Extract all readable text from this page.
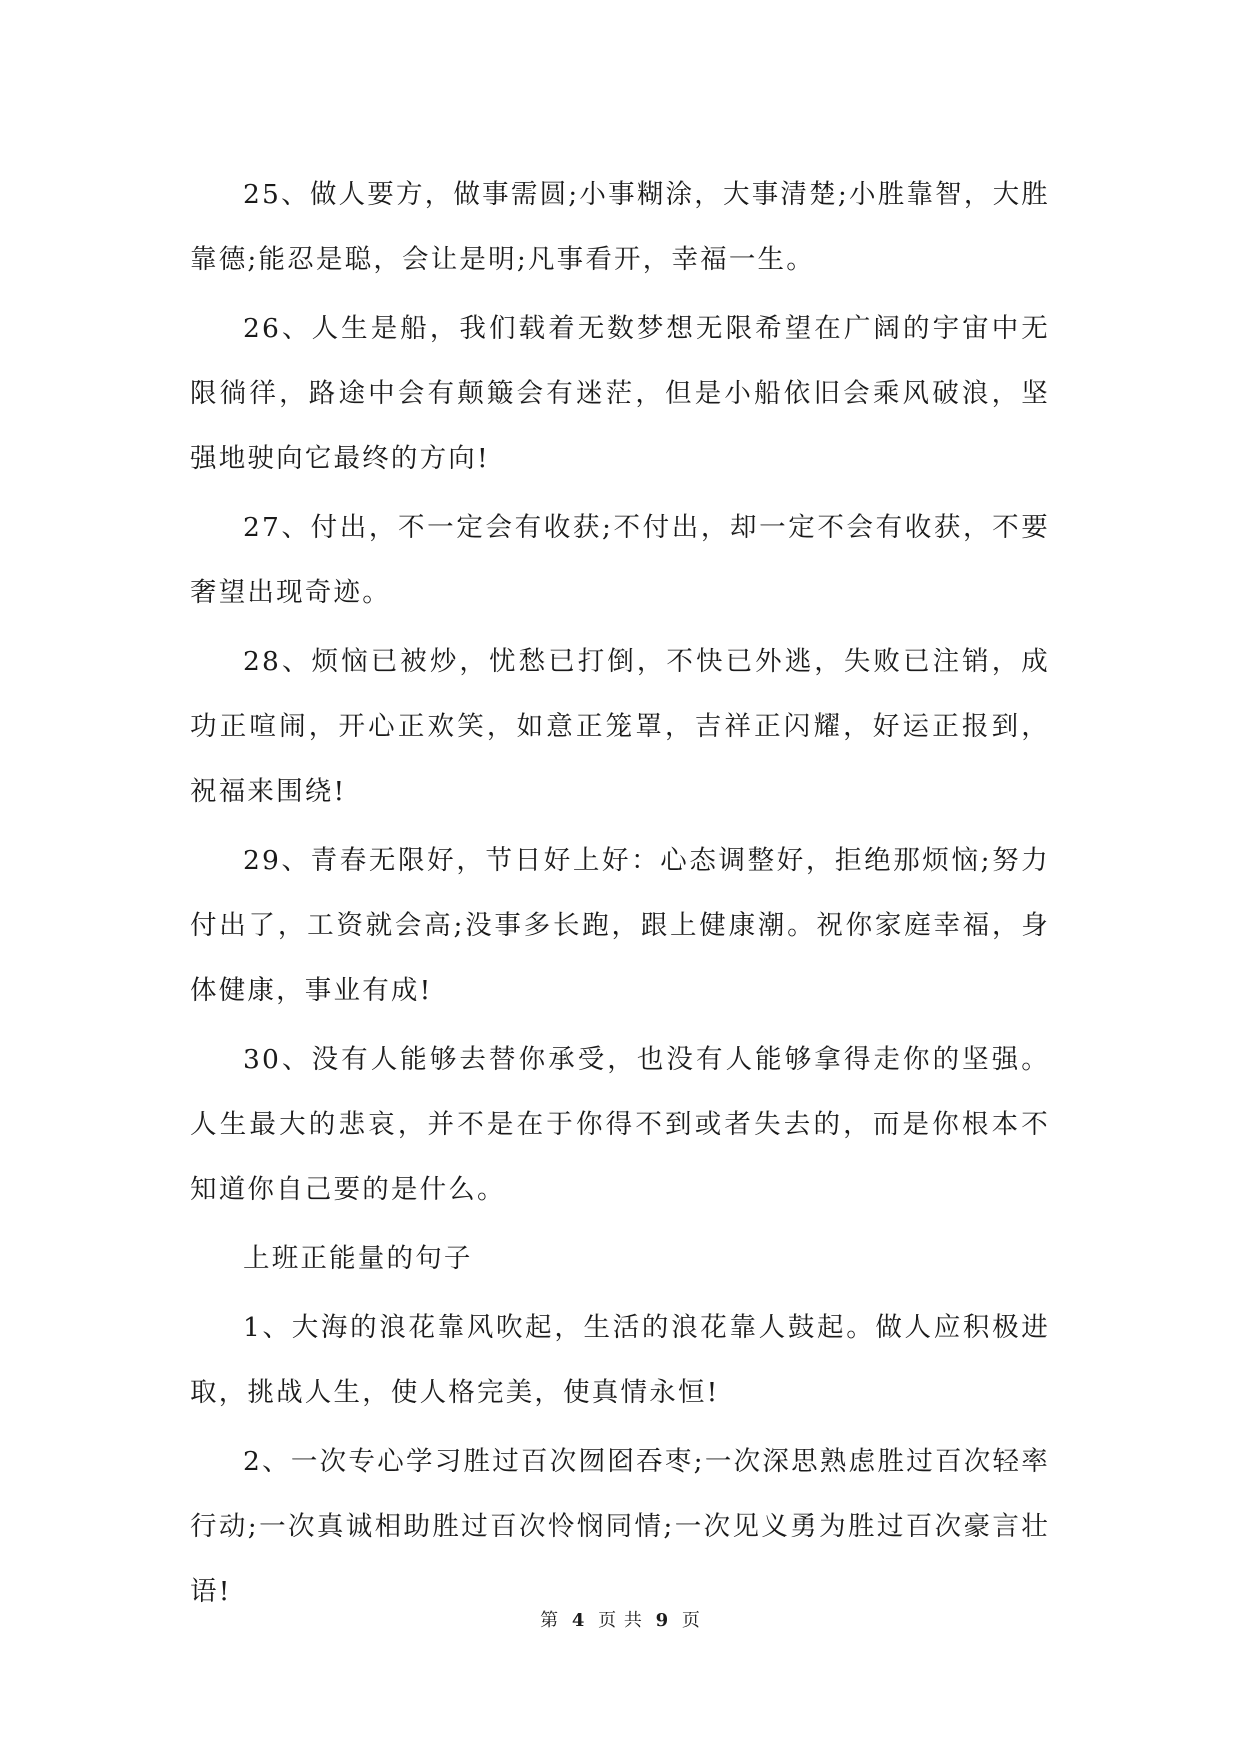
25、做人要方，做事需圆;小事糊涂，大事清楚;小胜靠智，大胜靠德;能忍是聪，会让是明;凡事看开，幸福一生。

26、人生是船，我们载着无数梦想无限希望在广阔的宇宙中无限徜徉，路途中会有颠簸会有迷茫，但是小船依旧会乘风破浪，坚强地驶向它最终的方向!

27、付出，不一定会有收获;不付出，却一定不会有收获，不要奢望出现奇迹。

28、烦恼已被炒，忧愁已打倒，不快已外逃，失败已注销，成功正喧闹，开心正欢笑，如意正笼罩，吉祥正闪耀，好运正报到，祝福来围绕!

29、青春无限好，节日好上好：心态调整好，拒绝那烦恼;努力付出了，工资就会高;没事多长跑，跟上健康潮。祝你家庭幸福，身体健康，事业有成!

30、没有人能够去替你承受，也没有人能够拿得走你的坚强。人生最大的悲哀，并不是在于你得不到或者失去的，而是你根本不知道你自己要的是什么。

上班正能量的句子

1、大海的浪花靠风吹起，生活的浪花靠人鼓起。做人应积极进取，挑战人生，使人格完美，使真情永恒!

2、一次专心学习胜过百次囫囵吞枣;一次深思熟虑胜过百次轻率行动;一次真诚相助胜过百次怜悯同情;一次见义勇为胜过百次豪言壮语!

第 4 页 共 9 页
